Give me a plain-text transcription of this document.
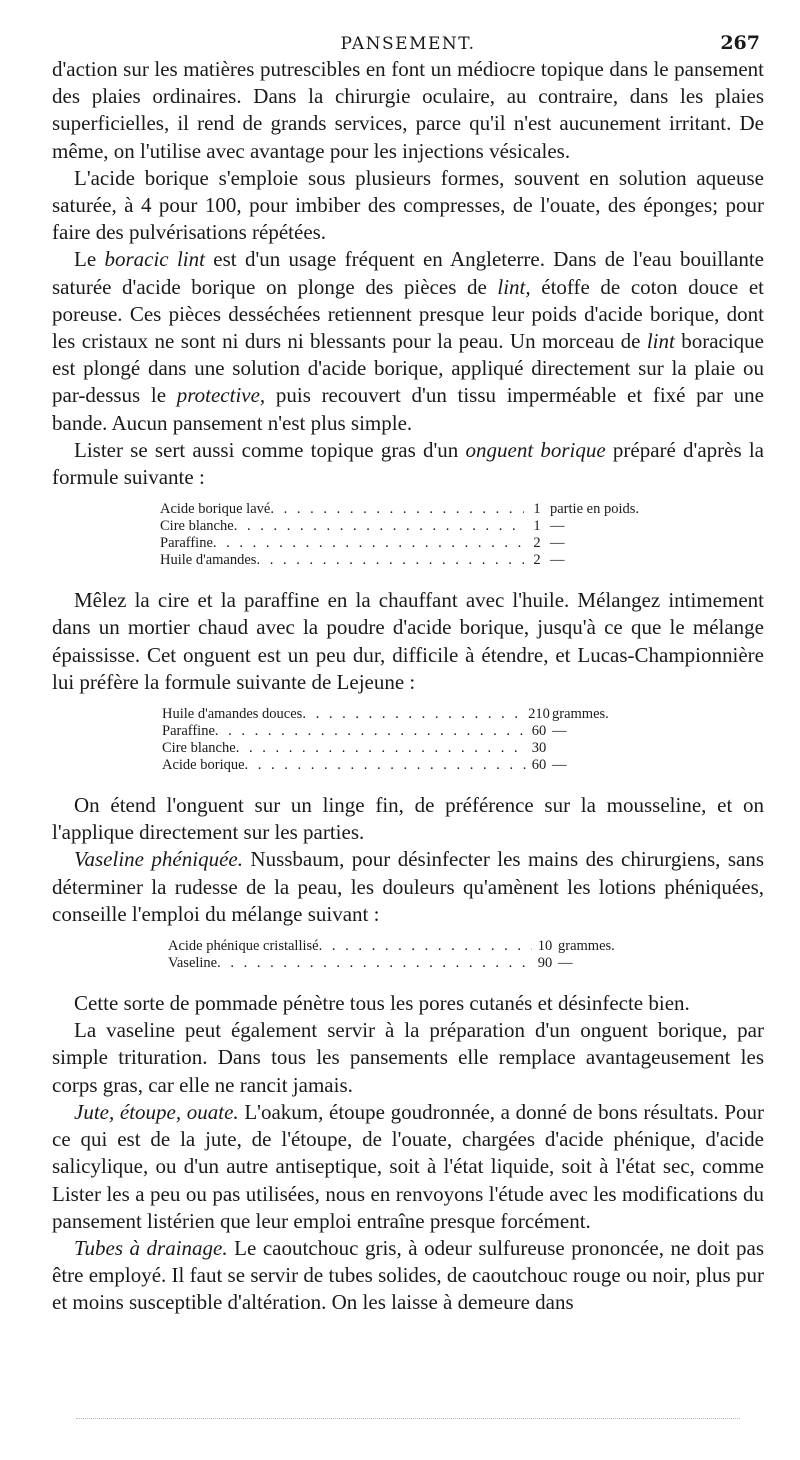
PANSEMENT.	267

d'action sur les matières putrescibles en font un médiocre topique dans le pansement des plaies ordinaires. Dans la chirurgie oculaire, au contraire, dans les plaies superficielles, il rend de grands services, parce qu'il n'est aucunement irritant. De même, on l'utilise avec avantage pour les injections vésicales.

L'acide borique s'emploie sous plusieurs formes, souvent en solution aqueuse saturée, à 4 pour 100, pour imbiber des compresses, de l'ouate, des éponges; pour faire des pulvérisations répétées.

Le boracic lint est d'un usage fréquent en Angleterre. Dans de l'eau bouillante saturée d'acide borique on plonge des pièces de lint, étoffe de coton douce et poreuse. Ces pièces desséchées retiennent presque leur poids d'acide borique, dont les cristaux ne sont ni durs ni blessants pour la peau. Un morceau de lint boracique est plongé dans une solution d'acide borique, appliqué directement sur la plaie ou par-dessus le protective, puis recouvert d'un tissu imperméable et fixé par une bande. Aucun pansement n'est plus simple.

Lister se sert aussi comme topique gras d'un onguent borique préparé d'après la formule suivante :

Acide borique lavé . . .	1 partie en poids.
Cire blanche . . .	1 —
Paraffine . . .	2 —
Huile d'amandes . . .	2 —

Mêlez la cire et la paraffine en la chauffant avec l'huile. Mélangez intimement dans un mortier chaud avec la poudre d'acide borique, jusqu'à ce que le mélange épaississe. Cet onguent est un peu dur, difficile à étendre, et Lucas-Championnière lui préfère la formule suivante de Lejeune :

Huile d'amandes douces . . .	210 grammes.
Paraffine . . .	60 —
Cire blanche . . .	30
Acide borique . . .	60 —

On étend l'onguent sur un linge fin, de préférence sur la mousseline, et on l'applique directement sur les parties.

Vaseline phéniquée. Nussbaum, pour désinfecter les mains des chirurgiens, sans déterminer la rudesse de la peau, les douleurs qu'amènent les lotions phéniquées, conseille l'emploi du mélange suivant :

Acide phénique cristallisé . . .	10 grammes.
Vaseline . . .	90 —

Cette sorte de pommade pénètre tous les pores cutanés et désinfecte bien.

La vaseline peut également servir à la préparation d'un onguent borique, par simple trituration. Dans tous les pansements elle remplace avantageusement les corps gras, car elle ne rancit jamais.

Jute, étoupe, ouate. L'oakum, étoupe goudronnée, a donné de bons résultats. Pour ce qui est de la jute, de l'étoupe, de l'ouate, chargées d'acide phénique, d'acide salicylique, ou d'un autre antiseptique, soit à l'état liquide, soit à l'état sec, comme Lister les a peu ou pas utilisées, nous en renvoyons l'étude avec les modifications du pansement listérien que leur emploi entraîne presque forcément.

Tubes à drainage. Le caoutchouc gris, à odeur sulfureuse prononcée, ne doit pas être employé. Il faut se servir de tubes solides, de caoutchouc rouge ou noir, plus pur et moins susceptible d'altération. On les laisse à demeure dans
